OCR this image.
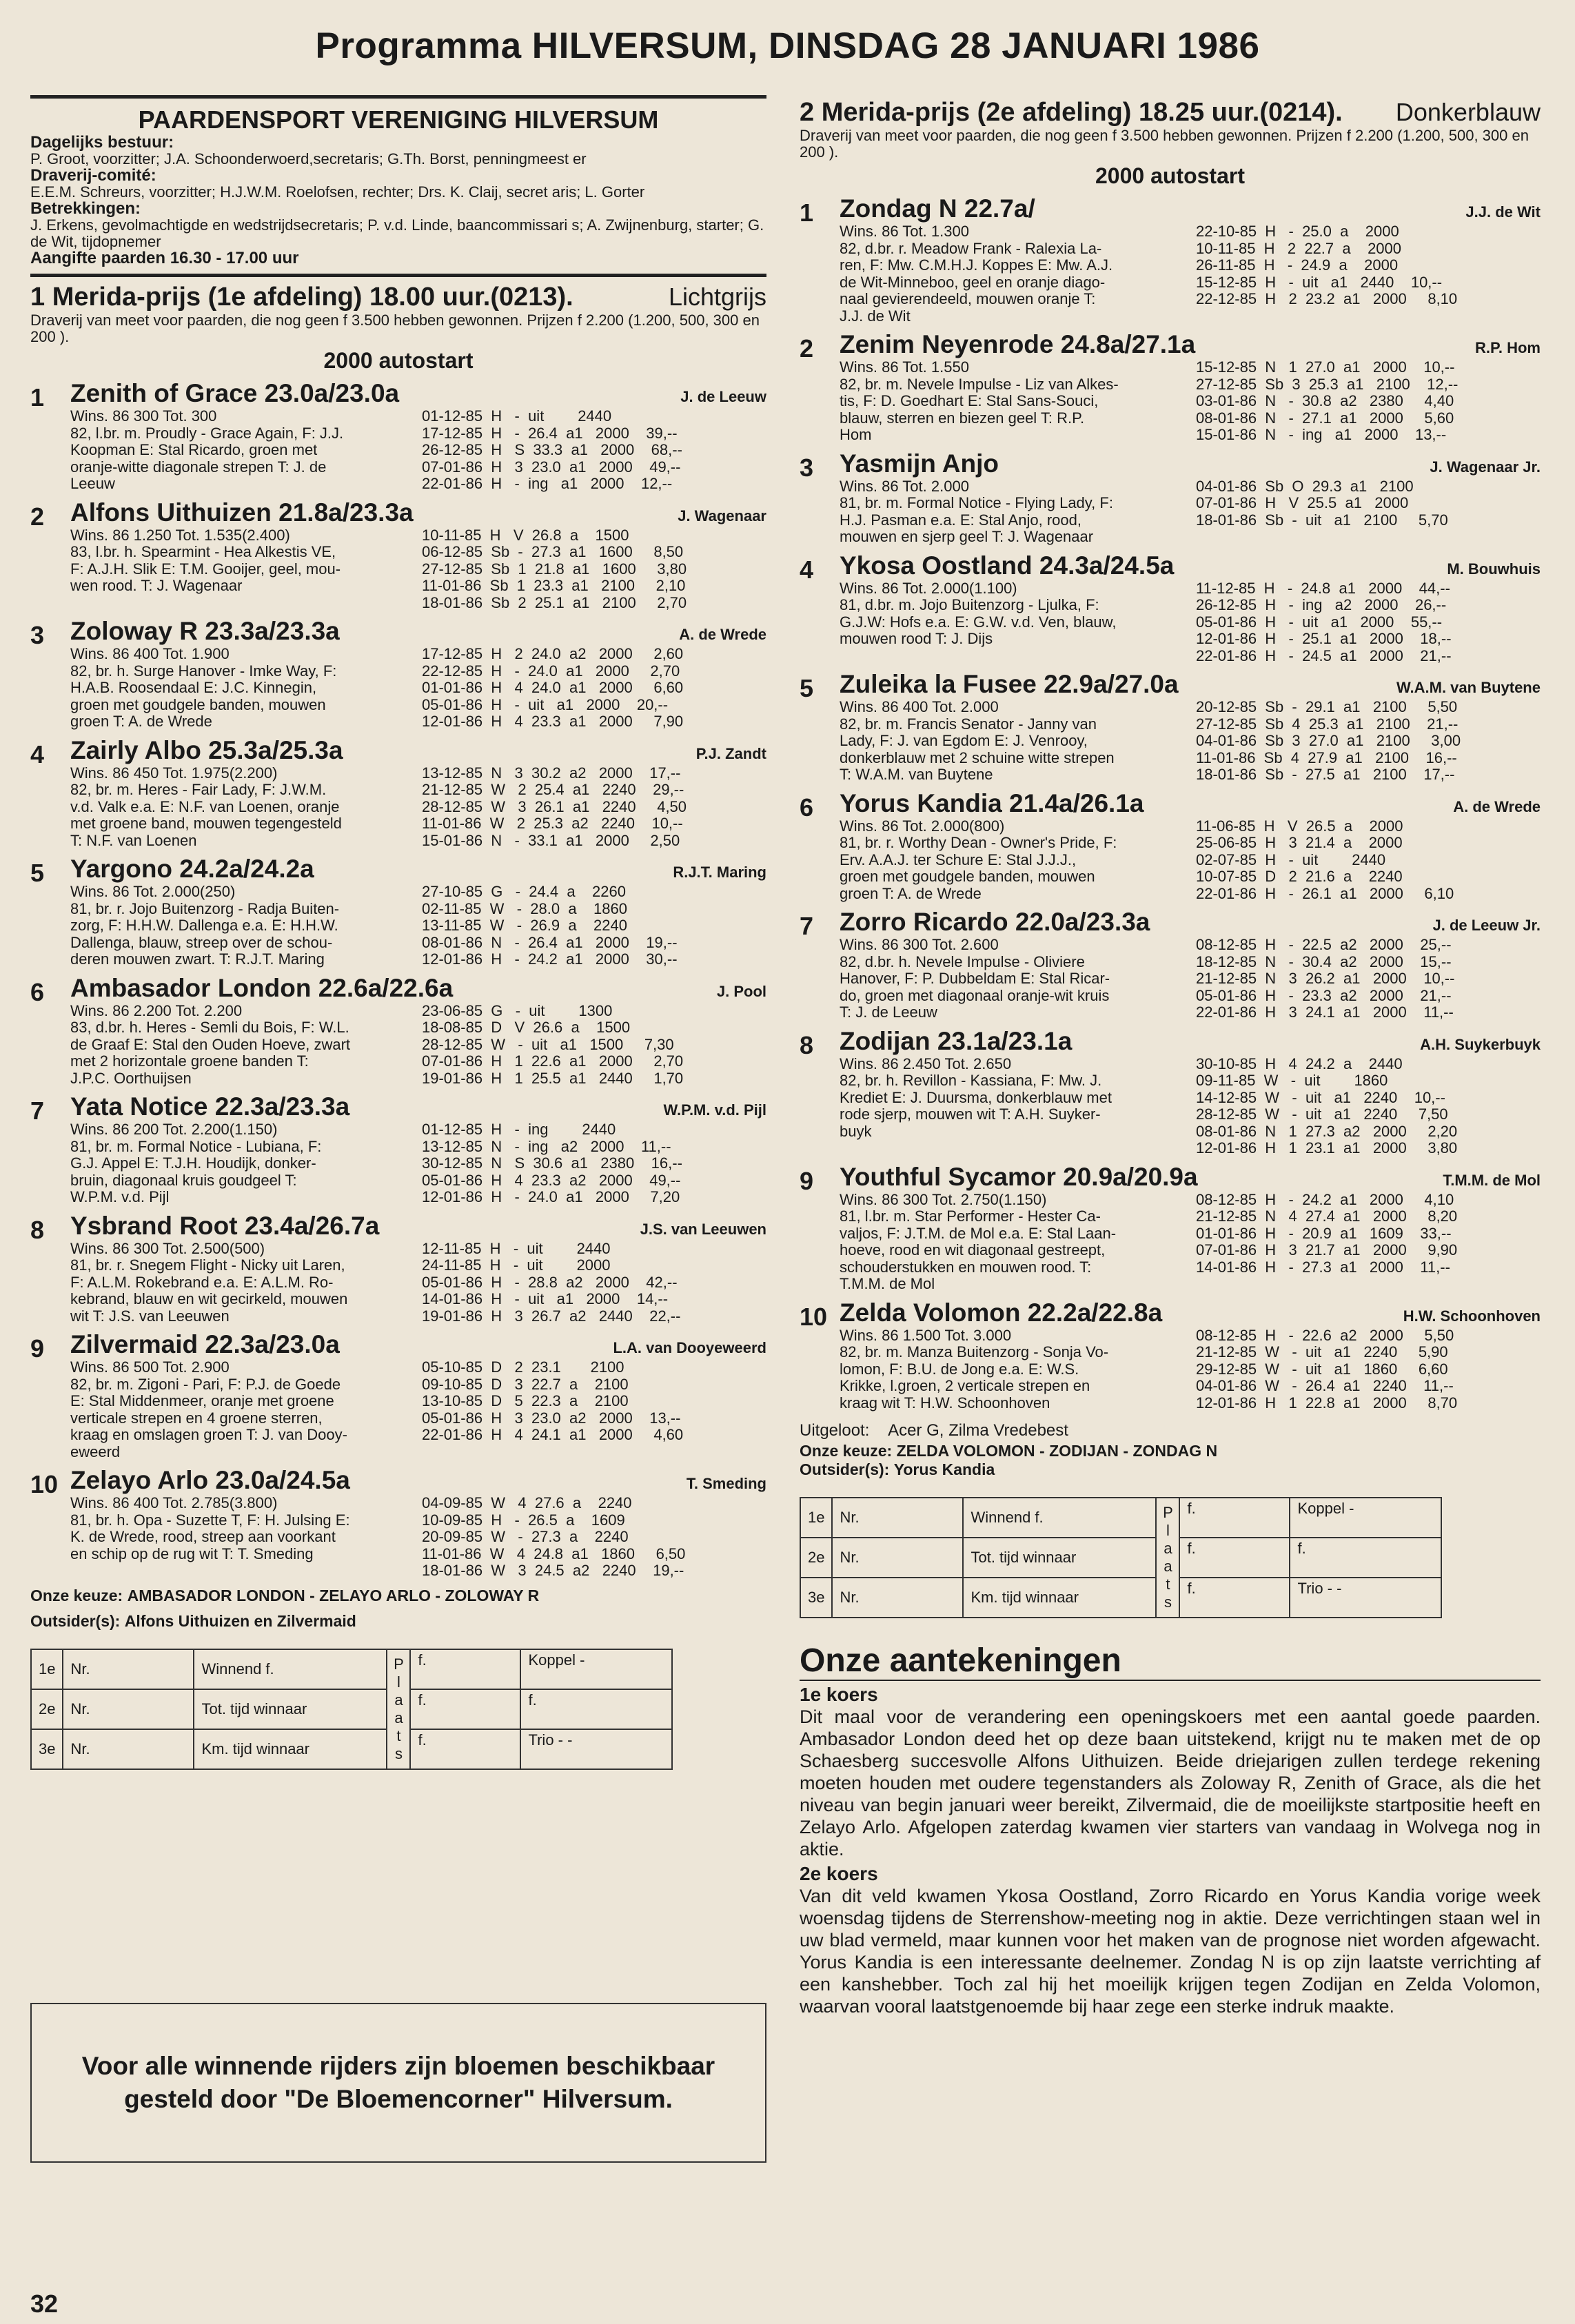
Programma HILVERSUM, DINSDAG 28 JANUARI 1986
PAARDENSPORT VERENIGING HILVERSUM
Dagelijks bestuur:
P. Groot, voorzitter; J.A. Schoonderwoerd,secretaris; G.Th. Borst, penningmeest er
Draverij-comité:
E.E.M. Schreurs, voorzitter; H.J.W.M. Roelofsen, rechter; Drs. K. Claij, secret aris; L. Gorter
Betrekkingen:
J. Erkens, gevolmachtigde en wedstrijdsecretaris; P. v.d. Linde, baancommissari s; A. Zwijnenburg, starter; G. de Wit, tijdopnemer
Aangifte paarden 16.30 - 17.00 uur
1 Merida-prijs (1e afdeling) 18.00 uur.(0213).	Lichtgrijs
Draverij van meet voor paarden, die nog geen f 3.500 hebben gewonnen. Prijzen f 2.200 (1.200, 500, 300 en 200 ).
2000 autostart
1	Zenith of Grace 23.0a/23.0a	J. de Leeuw
Wins. 86 300 Tot. 300
82, l.br. m. Proudly - Grace Again, F: J.J.
Koopman E: Stal Ricardo, groen met
oranje-witte diagonale strepen T: J. de
Leeuw
01-12-85  H   -  uit        2440
17-12-85  H   -  26.4  a1   2000    39,--
26-12-85  H   S  33.3  a1   2000    68,--
07-01-86  H   3  23.0  a1   2000    49,--
22-01-86  H   -  ing   a1   2000    12,--
2	Alfons Uithuizen 21.8a/23.3a	J. Wagenaar
Wins. 86 1.250 Tot. 1.535(2.400)
83, l.br. h. Spearmint - Hea Alkestis VE,
F: A.J.H. Slik E: T.M. Gooijer, geel, mou-
wen rood. T: J. Wagenaar
10-11-85  H   V  26.8  a    1500
06-12-85  Sb  -  27.3  a1   1600     8,50
27-12-85  Sb  1  21.8  a1   1600     3,80
11-01-86  Sb  1  23.3  a1   2100     2,10
18-01-86  Sb  2  25.1  a1   2100     2,70
3	Zoloway R 23.3a/23.3a	A. de Wrede
Wins. 86 400 Tot. 1.900
82, br. h. Surge Hanover - Imke Way, F:
H.A.B. Roosendaal E: J.C. Kinnegin,
groen met goudgele banden, mouwen
groen T: A. de Wrede
17-12-85  H   2  24.0  a2   2000     2,60
22-12-85  H   -  24.0  a1   2000     2,70
01-01-86  H   4  24.0  a1   2000     6,60
05-01-86  H   -  uit   a1   2000    20,--
12-01-86  H   4  23.3  a1   2000     7,90
4	Zairly Albo 25.3a/25.3a	P.J. Zandt
Wins. 86 450 Tot. 1.975(2.200)
82, br. m. Heres - Fair Lady, F: J.W.M.
v.d. Valk e.a. E: N.F. van Loenen, oranje
met groene band, mouwen tegengesteld
T: N.F. van Loenen
13-12-85  N   3  30.2  a2   2000    17,--
21-12-85  W   2  25.4  a1   2240    29,--
28-12-85  W   3  26.1  a1   2240     4,50
11-01-86  W   2  25.3  a2   2240    10,--
15-01-86  N   -  33.1  a1   2000     2,50
5	Yargono 24.2a/24.2a	R.J.T. Maring
Wins. 86 Tot. 2.000(250)
81, br. r. Jojo Buitenzorg - Radja Buiten-
zorg, F: H.H.W. Dallenga e.a. E: H.H.W.
Dallenga, blauw, streep over de schou-
deren mouwen zwart. T: R.J.T. Maring
27-10-85  G   -  24.4  a    2260
02-11-85  W   -  28.0  a    1860
13-11-85  W   -  26.9  a    2240
08-01-86  N   -  26.4  a1   2000    19,--
12-01-86  H   -  24.2  a1   2000    30,--
6	Ambasador London 22.6a/22.6a	J. Pool
Wins. 86 2.200 Tot. 2.200
83, d.br. h. Heres - Semli du Bois, F: W.L.
de Graaf E: Stal den Ouden Hoeve, zwart
met 2 horizontale groene banden T:
J.P.C. Oorthuijsen
23-06-85  G   -  uit        1300
18-08-85  D   V  26.6  a    1500
28-12-85  W   -  uit   a1   1500     7,30
07-01-86  H   1  22.6  a1   2000     2,70
19-01-86  H   1  25.5  a1   2440     1,70
7	Yata Notice 22.3a/23.3a	W.P.M. v.d. Pijl
Wins. 86 200 Tot. 2.200(1.150)
81, br. m. Formal Notice - Lubiana, F:
G.J. Appel E: T.J.H. Houdijk, donker-
bruin, diagonaal kruis goudgeel T:
W.P.M. v.d. Pijl
01-12-85  H   -  ing        2440
13-12-85  N   -  ing   a2   2000    11,--
30-12-85  N   S  30.6  a1   2380    16,--
05-01-86  H   4  23.3  a2   2000    49,--
12-01-86  H   -  24.0  a1   2000     7,20
8	Ysbrand Root 23.4a/26.7a	J.S. van Leeuwen
Wins. 86 300 Tot. 2.500(500)
81, br. r. Snegem Flight - Nicky uit Laren,
F: A.L.M. Rokebrand e.a. E: A.L.M. Ro-
kebrand, blauw en wit gecirkeld, mouwen
wit T: J.S. van Leeuwen
12-11-85  H   -  uit        2440
24-11-85  H   -  uit        2000
05-01-86  H   -  28.8  a2   2000    42,--
14-01-86  H   -  uit   a1   2000    14,--
19-01-86  H   3  26.7  a2   2440    22,--
9	Zilvermaid 22.3a/23.0a	L.A. van Dooyeweerd
Wins. 86 500 Tot. 2.900
82, br. m. Zigoni - Pari, F: P.J. de Goede
E: Stal Middenmeer, oranje met groene
verticale strepen en 4 groene sterren,
kraag en omslagen groen T: J. van Dooy-
eweerd
05-10-85  D   2  23.1       2100
09-10-85  D   3  22.7  a    2100
13-10-85  D   5  22.3  a    2100
05-01-86  H   3  23.0  a2   2000    13,--
22-01-86  H   4  24.1  a1   2000     4,60
10 Zelayo Arlo 23.0a/24.5a	T. Smeding
Wins. 86 400 Tot. 2.785(3.800)
81, br. h. Opa - Suzette T, F: H. Julsing E:
K. de Wrede, rood, streep aan voorkant
en schip op de rug wit T: T. Smeding
04-09-85  W   4  27.6  a    2240
10-09-85  H   -  26.5  a    1609
20-09-85  W   -  27.3  a    2240
11-01-86  W   4  24.8  a1   1860     6,50
18-01-86  W   3  24.5  a2   2240    19,--
Onze keuze: AMBASADOR LONDON - ZELAYO ARLO - ZOLOWAY R
Outsider(s): Alfons Uithuizen en Zilvermaid
1e	Nr.	Winnend f.	P l a a t s	f.	Koppel -
2e	Nr.	Tot. tijd winnaar		f.	f.
3e	Nr.	Km. tijd winnaar		f.	Trio - -
Voor alle winnende rijders zijn bloemen beschikbaar gesteld door "De Bloemencorner" Hilversum.
2 Merida-prijs (2e afdeling) 18.25 uur.(0214). Donkerblauw
Draverij van meet voor paarden, die nog geen f 3.500 hebben gewonnen. Prijzen f 2.200 (1.200, 500, 300 en 200 ).
2000 autostart
1	Zondag N 22.7a/	J.J. de Wit
Wins. 86 Tot. 1.300
82, d.br. r. Meadow Frank - Ralexia La-
ren, F: Mw. C.M.H.J. Koppes E: Mw. A.J.
de Wit-Minneboo, geel en oranje diago-
naal gevierendeeld, mouwen oranje T:
J.J. de Wit
22-10-85  H   -  25.0  a    2000
10-11-85  H   2  22.7  a    2000
26-11-85  H   -  24.9  a    2000
15-12-85  H   -  uit   a1   2440    10,--
22-12-85  H   2  23.2  a1   2000     8,10
2	Zenim Neyenrode 24.8a/27.1a	R.P. Hom
Wins. 86 Tot. 1.550
82, br. m. Nevele Impulse - Liz van Alkes-
tis, F: D. Goedhart E: Stal Sans-Souci,
blauw, sterren en biezen geel T: R.P.
Hom
15-12-85  N   1  27.0  a1   2000    10,--
27-12-85  Sb  3  25.3  a1   2100    12,--
03-01-86  N   -  30.8  a2   2380     4,40
08-01-86  N   -  27.1  a1   2000     5,60
15-01-86  N   -  ing   a1   2000    13,--
3	Yasmijn Anjo	J. Wagenaar Jr.
Wins. 86 Tot. 2.000
81, br. m. Formal Notice - Flying Lady, F:
H.J. Pasman e.a. E: Stal Anjo, rood,
mouwen en sjerp geel T: J. Wagenaar
04-01-86  Sb  O  29.3  a1   2100
07-01-86  H   V  25.5  a1   2000
18-01-86  Sb  -  uit   a1   2100     5,70
4	Ykosa Oostland 24.3a/24.5a	M. Bouwhuis
Wins. 86 Tot. 2.000(1.100)
81, d.br. m. Jojo Buitenzorg - Ljulka, F:
G.J.W: Hofs e.a. E: G.W. v.d. Ven, blauw,
mouwen rood T: J. Dijs
11-12-85  H   -  24.8  a1   2000    44,--
26-12-85  H   -  ing   a2   2000    26,--
05-01-86  H   -  uit   a1   2000    55,--
12-01-86  H   -  25.1  a1   2000    18,--
22-01-86  H   -  24.5  a1   2000    21,--
5	Zuleika la Fusee 22.9a/27.0a	W.A.M. van Buytene
Wins. 86 400 Tot. 2.000
82, br. m. Francis Senator - Janny van
Lady, F: J. van Egdom E: J. Venrooy,
donkerblauw met 2 schuine witte strepen
T: W.A.M. van Buytene
20-12-85  Sb  -  29.1  a1   2100     5,50
27-12-85  Sb  4  25.3  a1   2100    21,--
04-01-86  Sb  3  27.0  a1   2100     3,00
11-01-86  Sb  4  27.9  a1   2100    16,--
18-01-86  Sb  -  27.5  a1   2100    17,--
6	Yorus Kandia 21.4a/26.1a	A. de Wrede
Wins. 86 Tot. 2.000(800)
81, br. r. Worthy Dean - Owner's Pride, F:
Erv. A.A.J. ter Schure E: Stal J.J.J.,
groen met goudgele banden, mouwen
groen T: A. de Wrede
11-06-85  H   V  26.5  a    2000
25-06-85  H   3  21.4  a    2000
02-07-85  H   -  uit        2440
10-07-85  D   2  21.6  a    2240
22-01-86  H   -  26.1  a1   2000     6,10
7	Zorro Ricardo 22.0a/23.3a	J. de Leeuw Jr.
Wins. 86 300 Tot. 2.600
82, d.br. h. Nevele Impulse - Oliviere
Hanover, F: P. Dubbeldam E: Stal Ricar-
do, groen met diagonaal oranje-wit kruis
T: J. de Leeuw
08-12-85  H   -  22.5  a2   2000    25,--
18-12-85  N   -  30.4  a2   2000    15,--
21-12-85  N   3  26.2  a1   2000    10,--
05-01-86  H   -  23.3  a2   2000    21,--
22-01-86  H   3  24.1  a1   2000    11,--
8	Zodijan 23.1a/23.1a	A.H. Suykerbuyk
Wins. 86 2.450 Tot. 2.650
82, br. h. Revillon - Kassiana, F: Mw. J.
Krediet E: J. Duursma, donkerblauw met
rode sjerp, mouwen wit T: A.H. Suyker-
buyk
30-10-85  H   4  24.2  a    2440
09-11-85  W   -  uit        1860
14-12-85  W   -  uit   a1   2240    10,--
28-12-85  W   -  uit   a1   2240     7,50
08-01-86  N   1  27.3  a2   2000     2,20
12-01-86  H   1  23.1  a1   2000     3,80
9	Youthful Sycamor 20.9a/20.9a	T.M.M. de Mol
Wins. 86 300 Tot. 2.750(1.150)
81, l.br. m. Star Performer - Hester Ca-
valjos, F: J.T.M. de Mol e.a. E: Stal Laan-
hoeve, rood en wit diagonaal gestreept,
schouderstukken en mouwen rood. T:
T.M.M. de Mol
08-12-85  H   -  24.2  a1   2000     4,10
21-12-85  N   4  27.4  a1   2000     8,20
01-01-86  H   -  20.9  a1   1609    33,--
07-01-86  H   3  21.7  a1   2000     9,90
14-01-86  H   -  27.3  a1   2000    11,--
10 Zelda Volomon 22.2a/22.8a	H.W. Schoonhoven
Wins. 86 1.500 Tot. 3.000
82, br. m. Manza Buitenzorg - Sonja Vo-
lomon, F: B.U. de Jong e.a. E: W.S.
Krikke, l.groen, 2 verticale strepen en
kraag wit T: H.W. Schoonhoven
08-12-85  H   -  22.6  a2   2000     5,50
21-12-85  W   -  uit   a1   2240     5,90
29-12-85  W   -  uit   a1   1860     6,60
04-01-86  W   -  26.4  a1   2240    11,--
12-01-86  H   1  22.8  a1   2000     8,70
Uitgeloot: Acer G, Zilma Vredebest
Onze keuze: ZELDA VOLOMON - ZODIJAN - ZONDAG N
Outsider(s): Yorus Kandia
1e	Nr.	Winnend f.	P l a a t s	f.	Koppel -
2e	Nr.	Tot. tijd winnaar		f.	f.
3e	Nr.	Km. tijd winnaar		f.	Trio - -
Onze aantekeningen
1e koers
Dit maal voor de verandering een openingskoers met een aantal goede paarden. Ambasador London deed het op deze baan uitstekend, krijgt nu te maken met de op Schaesberg succesvolle Alfons Uithuizen. Beide driejarigen zullen terdege rekening moeten houden met oudere tegenstanders als Zoloway R, Zenith of Grace, als die het niveau van begin januari weer bereikt, Zilvermaid, die de moeilijkste startpositie heeft en Zelayo Arlo. Afgelopen zaterdag kwamen vier starters van vandaag in Wolvega nog in aktie.
2e koers
Van dit veld kwamen Ykosa Oostland, Zorro Ricardo en Yorus Kandia vorige week woensdag tijdens de Sterrenshow-meeting nog in aktie. Deze verrichtingen staan wel in uw blad vermeld, maar kunnen voor het maken van de prognose niet worden afgewacht. Yorus Kandia is een interessante deelnemer. Zondag N is op zijn laatste verrichting af een kanshebber. Toch zal hij het moeilijk krijgen tegen Zodijan en Zelda Volomon, waarvan vooral laatstgenoemde bij haar zege een sterke indruk maakte.
32
